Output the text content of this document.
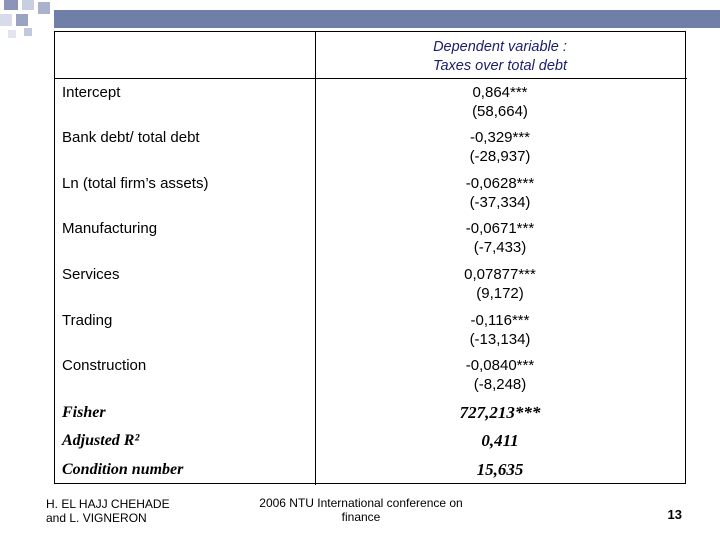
Dependent variable :
Taxes over total debt
Intercept	0,864***
(58,664)
Bank debt/ total debt	-0,329***
(-28,937)
Ln (total firm’s assets)	-0,0628***
(-37,334)
Manufacturing	-0,0671***
(-7,433)
Services	0,07877***
(9,172)
Trading	-0,116***
(-13,134)
Construction	-0,0840***
(-8,248)
Fisher	727,213***
Adjusted R²	0,411
Condition number	15,635
H. EL HAJJ CHEHADE
and L. VIGNERON
2006 NTU International conference on
finance	13
